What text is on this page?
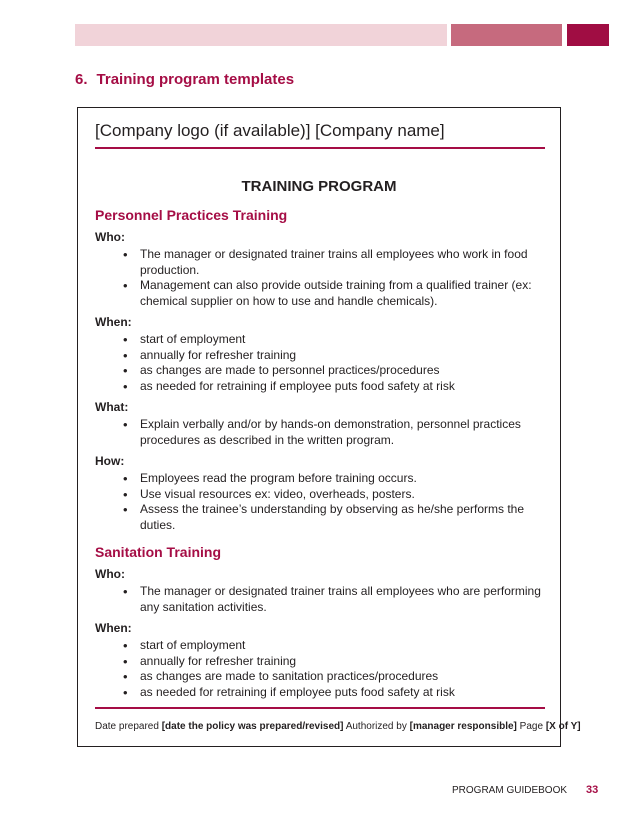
6. Training program templates
[Company logo (if available)] [Company name]
TRAINING PROGRAM
Personnel Practices Training
Who:
• The manager or designated trainer trains all employees who work in food production.
• Management can also provide outside training from a qualified trainer (ex: chemical supplier on how to use and handle chemicals).
When:
• start of employment
• annually for refresher training
• as changes are made to personnel practices/procedures
• as needed for retraining if employee puts food safety at risk
What:
• Explain verbally and/or by hands-on demonstration, personnel practices procedures as described in the written program.
How:
• Employees read the program before training occurs.
• Use visual resources ex: video, overheads, posters.
• Assess the trainee’s understanding by observing as he/she performs the duties.
Sanitation Training
Who:
• The manager or designated trainer trains all employees who are performing any sanitation activities.
When:
• start of employment
• annually for refresher training
• as changes are made to sanitation practices/procedures
• as needed for retraining if employee puts food safety at risk
Date prepared [date the policy was prepared/revised] Authorized by [manager responsible] Page [X of Y]
PROGRAM GUIDEBOOK 33
